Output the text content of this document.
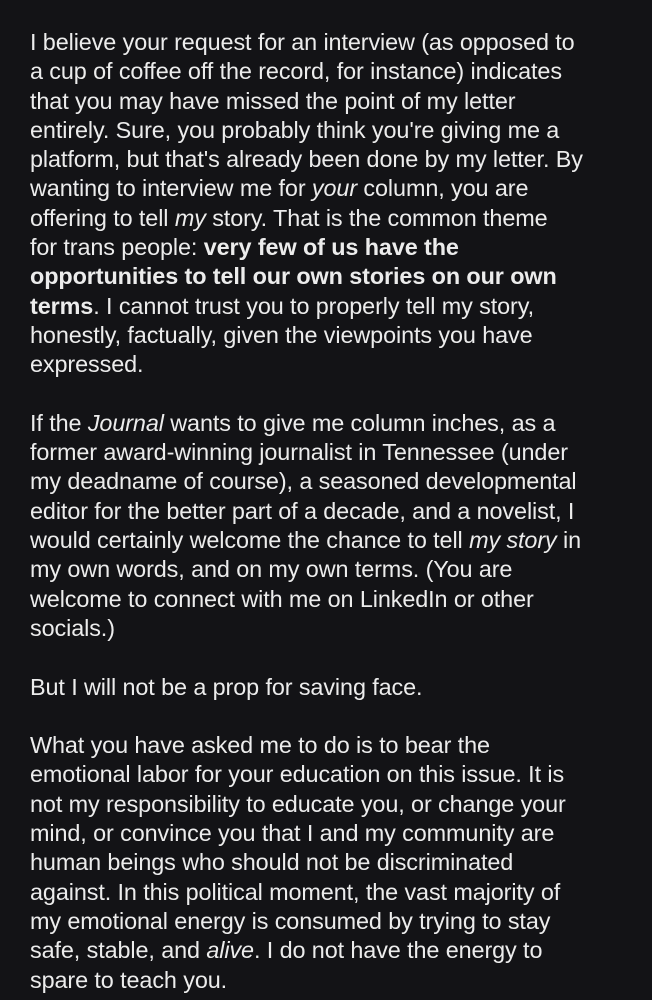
I believe your request for an interview (as opposed to
a cup of coffee off the record, for instance) indicates
that you may have missed the point of my letter
entirely. Sure, you probably think you're giving me a
platform, but that's already been done by my letter. By
wanting to interview me for your column, you are
offering to tell my story. That is the common theme
for trans people: very few of us have the
opportunities to tell our own stories on our own
terms. I cannot trust you to properly tell my story,
honestly, factually, given the viewpoints you have
expressed.
If the Journal wants to give me column inches, as a
former award-winning journalist in Tennessee (under
my deadname of course), a seasoned developmental
editor for the better part of a decade, and a novelist, I
would certainly welcome the chance to tell my story in
my own words, and on my own terms. (You are
welcome to connect with me on LinkedIn or other
socials.)
But I will not be a prop for saving face.
What you have asked me to do is to bear the
emotional labor for your education on this issue. It is
not my responsibility to educate you, or change your
mind, or convince you that I and my community are
human beings who should not be discriminated
against. In this political moment, the vast majority of
my emotional energy is consumed by trying to stay
safe, stable, and alive. I do not have the energy to
spare to teach you.
